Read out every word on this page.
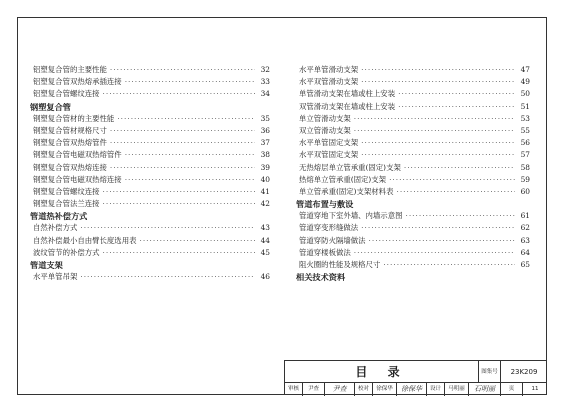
铝塑复合管的主要性能 ·····	32
铝塑复合管双热熔承插连接 ·····	33
铝塑复合管螺纹连接 ·····	34
钢塑复合管
钢塑复合管材的主要性能 ·····	35
钢塑复合管材规格尺寸 ·····	36
钢塑复合管双热熔管件 ·····	37
钢塑复合管电磁双热熔管件 ·····	38
钢塑复合管双热熔连接 ·····	39
钢塑复合管电磁双热熔连接 ·····	40
钢塑复合管螺纹连接 ·····	41
钢塑复合管法兰连接 ·····	42
管道热补偿方式
自然补偿方式 ·····	43
自然补偿最小自由臂长度选用表 ·····	44
波纹管节的补偿方式 ·····	45
管道支架
水平单管吊架 ·····	46
水平单管滑动支架 ·····	47
水平双管滑动支架 ·····	49
单管滑动支架在墙或柱上安装 ·····	50
双管滑动支架在墙或柱上安装 ·····	51
单立管滑动支架 ·····	53
双立管滑动支架 ·····	55
水平单管固定支架 ·····	56
水平双管固定支架 ·····	57
无热熔层单立管承重(固定)支架 ·····	58
热熔单立管承重(固定)支架 ·····	59
单立管承重(固定)支架材料表 ·····	60
管道布置与敷设
管道穿地下室外墙、内墙示意图 ·····	61
管道穿变形缝做法 ·····	62
管道穿防火隔墙做法 ·····	63
管道穿楼板做法 ·····	64
阻火圈的性能及规格尺寸 ·····	65
相关技术资料
目 录	图集号	23K209
审核	尹查	尹查	校对	徐保华	徐保华	设计	马明丽	石明丽	页	11
